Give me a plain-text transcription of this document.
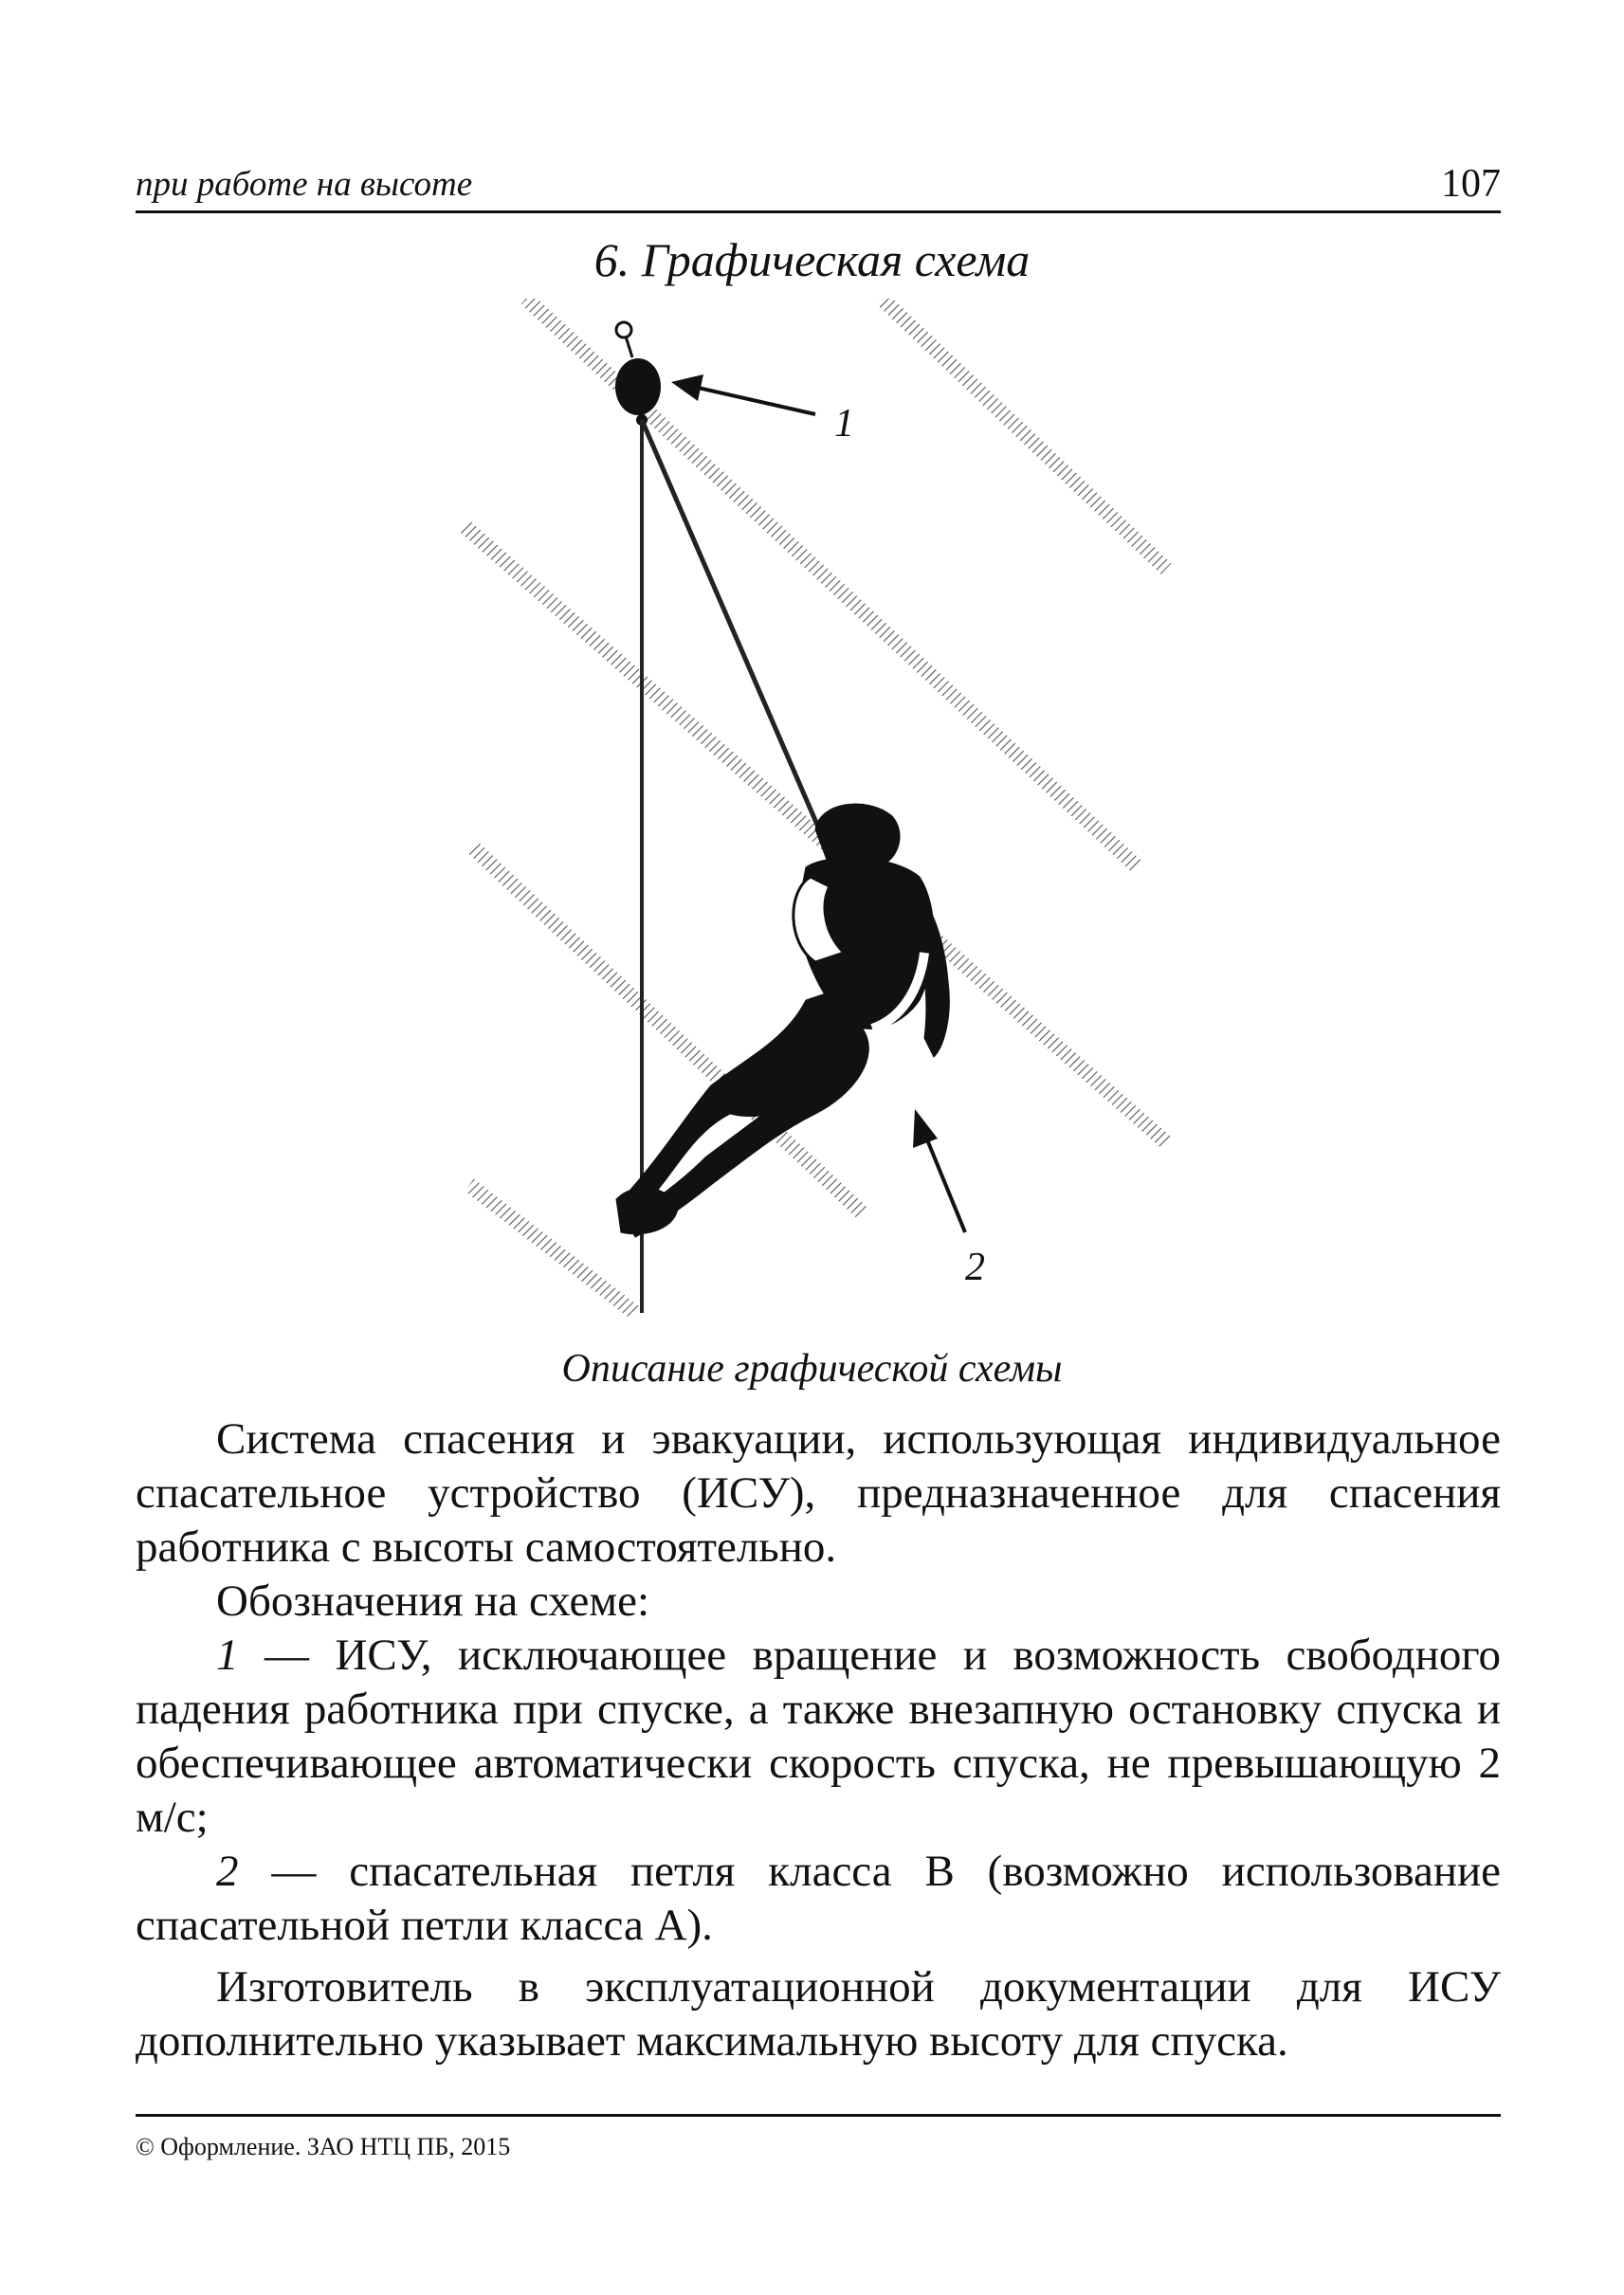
при работе на высоте	107
6. Графическая схема
1
2
Описание графической схемы

Система спасения и эвакуации, использующая индивидуальное спасательное устройство (ИСУ), предназначенное для спасения работника с высоты самостоятельно.

Обозначения на схеме:

1 — ИСУ, исключающее вращение и возможность свободного падения работника при спуске, а также внезапную остановку спуска и обеспечивающее автоматически скорость спуска, не превышающую 2 м/с;

2 — спасательная петля класса В (возможно использование спасательной петли класса А).

Изготовитель в эксплуатационной документации для ИСУ дополнительно указывает максимальную высоту для спуска.

© Оформление. ЗАО НТЦ ПБ, 2015
